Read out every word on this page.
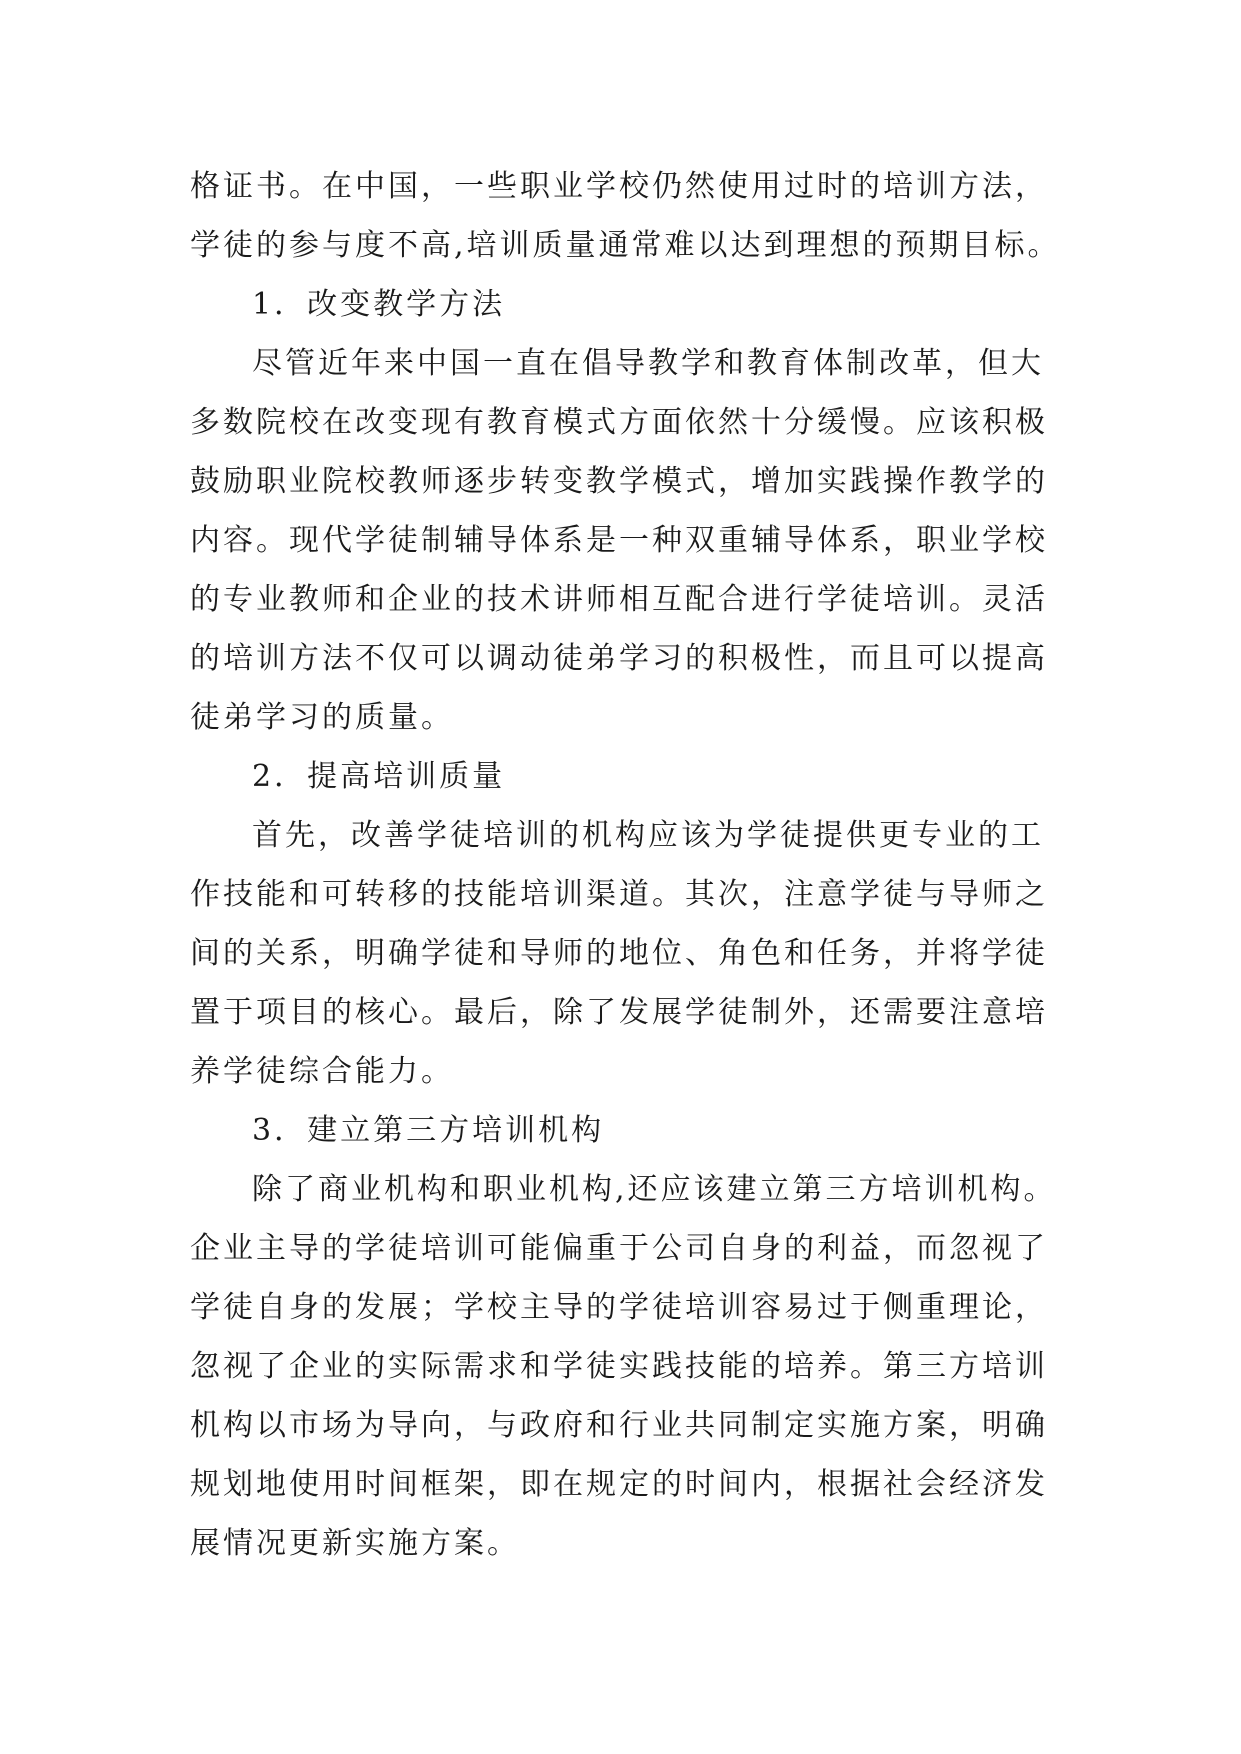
格证书。在中国，一些职业学校仍然使用过时的培训方法，
学徒的参与度不高,培训质量通常难以达到理想的预期目标。
1．改变教学方法
尽管近年来中国一直在倡导教学和教育体制改革，但大
多数院校在改变现有教育模式方面依然十分缓慢。应该积极
鼓励职业院校教师逐步转变教学模式，增加实践操作教学的
内容。现代学徒制辅导体系是一种双重辅导体系，职业学校
的专业教师和企业的技术讲师相互配合进行学徒培训。灵活
的培训方法不仅可以调动徒弟学习的积极性，而且可以提高
徒弟学习的质量。
2．提高培训质量
首先，改善学徒培训的机构应该为学徒提供更专业的工
作技能和可转移的技能培训渠道。其次，注意学徒与导师之
间的关系，明确学徒和导师的地位、角色和任务，并将学徒
置于项目的核心。最后，除了发展学徒制外，还需要注意培
养学徒综合能力。
3．建立第三方培训机构
除了商业机构和职业机构,还应该建立第三方培训机构。
企业主导的学徒培训可能偏重于公司自身的利益，而忽视了
学徒自身的发展；学校主导的学徒培训容易过于侧重理论，
忽视了企业的实际需求和学徒实践技能的培养。第三方培训
机构以市场为导向，与政府和行业共同制定实施方案，明确
规划地使用时间框架，即在规定的时间内，根据社会经济发
展情况更新实施方案。
